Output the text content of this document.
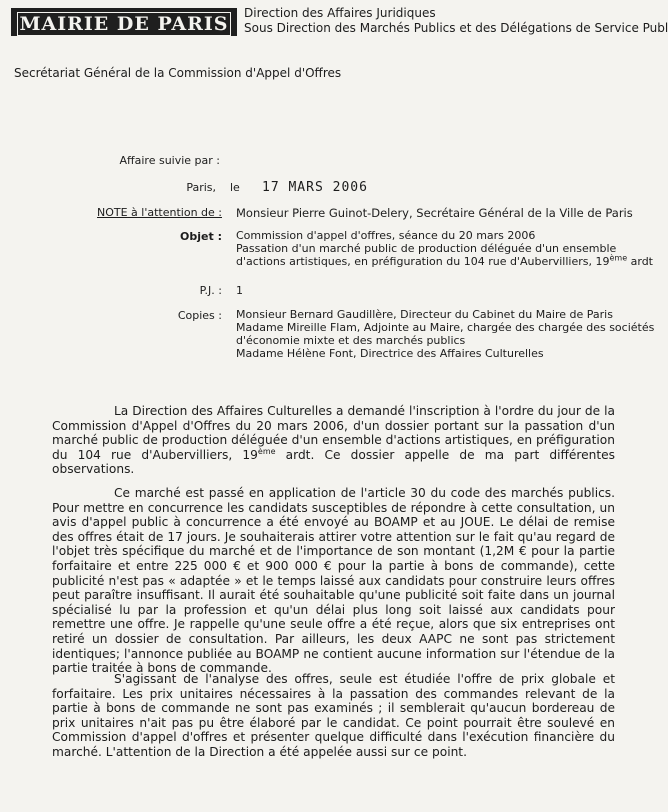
MAIRIE DE PARIS	Direction des Affaires Juridiques
Sous Direction des Marchés Publics et des Délégations de Service Publ
Secrétariat Général de la Commission d'Appel d'Offres
Affaire suivie par :
Paris, le 17 MARS 2006
NOTE à l'attention de : Monsieur Pierre Guinot-Delery, Secrétaire Général de la Ville de Paris
Objet : Commission d'appel d'offres, séance du 20 mars 2006
Passation d'un marché public de production déléguée d'un ensemble
d'actions artistiques, en préfiguration du 104 rue d'Aubervilliers, 19ème ardt
P.J. : 1
Copies : Monsieur Bernard Gaudillère, Directeur du Cabinet du Maire de Paris
Madame Mireille Flam, Adjointe au Maire, chargée des chargée des sociétés
d'économie mixte et des marchés publics
Madame Hélène Font, Directrice des Affaires Culturelles

La Direction des Affaires Culturelles a demandé l'inscription à l'ordre du jour de la Commission d'Appel d'Offres du 20 mars 2006, d'un dossier portant sur la passation d'un marché public de production déléguée d'un ensemble d'actions artistiques, en préfiguration du 104 rue d'Aubervilliers, 19ème ardt. Ce dossier appelle de ma part différentes observations.

Ce marché est passé en application de l'article 30 du code des marchés publics. Pour mettre en concurrence les candidats susceptibles de répondre à cette consultation, un avis d'appel public à concurrence a été envoyé au BOAMP et au JOUE. Le délai de remise des offres était de 17 jours. Je souhaiterais attirer votre attention sur le fait qu'au regard de l'objet très spécifique du marché et de l'importance de son montant (1,2M € pour la partie forfaitaire et entre 225 000 € et 900 000 € pour la partie à bons de commande), cette publicité n'est pas « adaptée » et le temps laissé aux candidats pour construire leurs offres peut paraître insuffisant. Il aurait été souhaitable qu'une publicité soit faite dans un journal spécialisé lu par la profession et qu'un délai plus long soit laissé aux candidats pour remettre une offre. Je rappelle qu'une seule offre a été reçue, alors que six entreprises ont retiré un dossier de consultation. Par ailleurs, les deux AAPC ne sont pas strictement identiques; l'annonce publiée au BOAMP ne contient aucune information sur l'étendue de la partie traitée à bons de commande.

S'agissant de l'analyse des offres, seule est étudiée l'offre de prix globale et forfaitaire. Les prix unitaires nécessaires à la passation des commandes relevant de la partie à bons de commande ne sont pas examinés ; il semblerait qu'aucun bordereau de prix unitaires n'ait pas pu être élaboré par le candidat. Ce point pourrait être soulevé en Commission d'appel d'offres et présenter quelque difficulté dans l'exécution financière du marché. L'attention de la Direction a été appelée aussi sur ce point.
